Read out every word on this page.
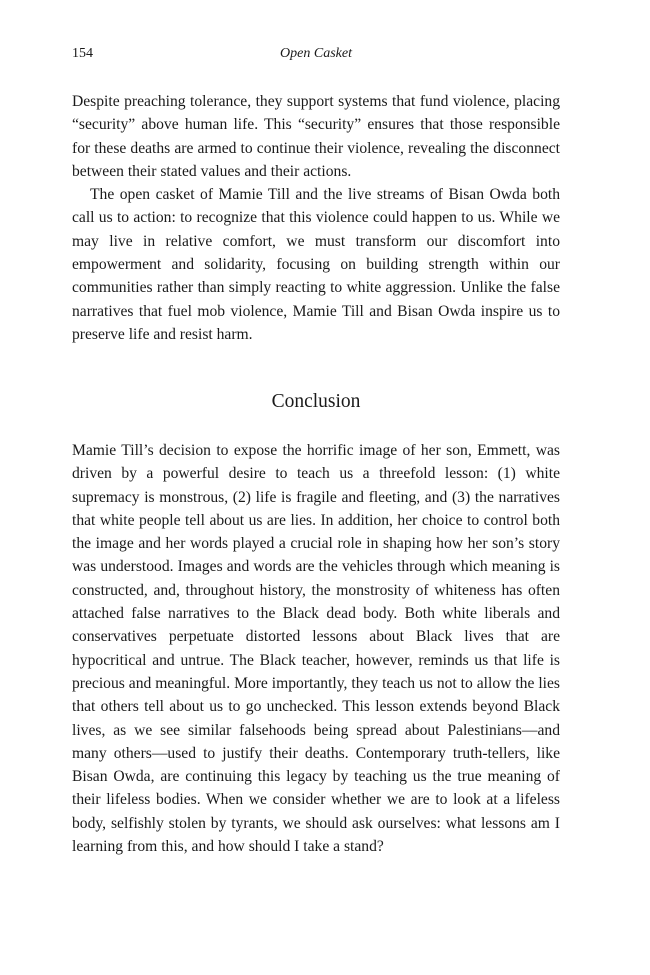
154	Open Casket

Despite preaching tolerance, they support systems that fund violence, placing “security” above human life. This “security” ensures that those responsible for these deaths are armed to continue their violence, revealing the disconnect between their stated values and their actions.

The open casket of Mamie Till and the live streams of Bisan Owda both call us to action: to recognize that this violence could happen to us. While we may live in relative comfort, we must transform our discomfort into empowerment and solidarity, focusing on building strength within our communities rather than simply reacting to white aggression. Unlike the false narratives that fuel mob violence, Mamie Till and Bisan Owda inspire us to preserve life and resist harm.

Conclusion

Mamie Till’s decision to expose the horrific image of her son, Emmett, was driven by a powerful desire to teach us a threefold lesson: (1) white supremacy is monstrous, (2) life is fragile and fleeting, and (3) the narratives that white people tell about us are lies. In addition, her choice to control both the image and her words played a crucial role in shaping how her son’s story was understood. Images and words are the vehicles through which meaning is constructed, and, throughout history, the monstrosity of whiteness has often attached false narratives to the Black dead body. Both white liberals and conservatives perpetuate distorted lessons about Black lives that are hypocritical and untrue. The Black teacher, however, reminds us that life is precious and meaningful. More importantly, they teach us not to allow the lies that others tell about us to go unchecked. This lesson extends beyond Black lives, as we see similar falsehoods being spread about Palestinians—and many others—used to justify their deaths. Contemporary truth-tellers, like Bisan Owda, are continuing this legacy by teaching us the true meaning of their lifeless bodies. When we consider whether we are to look at a lifeless body, selfishly stolen by tyrants, we should ask ourselves: what lessons am I learning from this, and how should I take a stand?
